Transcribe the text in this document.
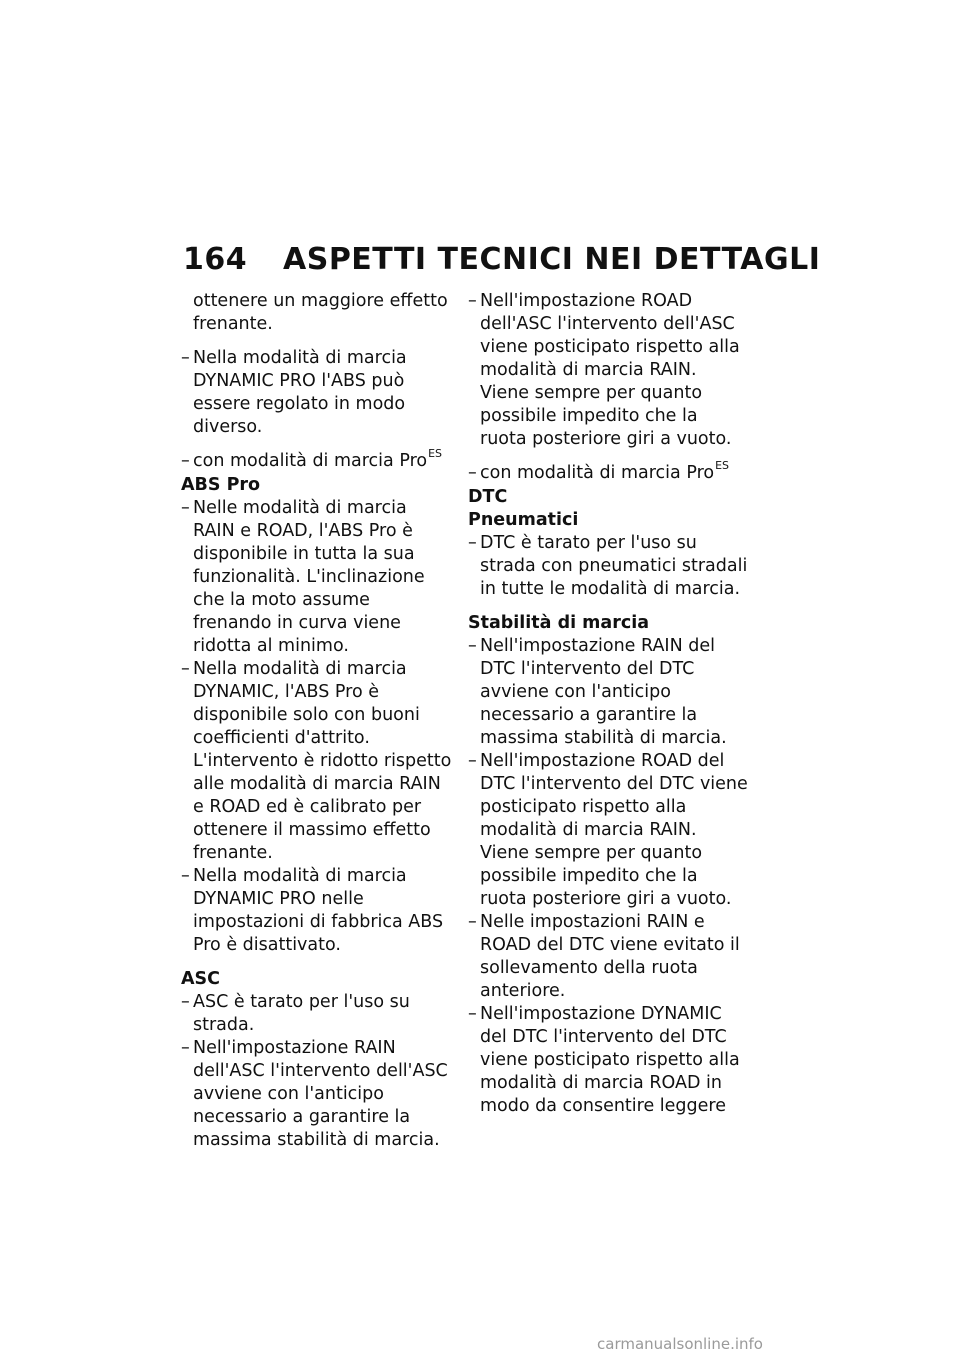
164 ASPETTI TECNICI NEI DETTAGLI
ottenere un maggiore effetto frenante.
– Nella modalità di marcia DYNAMIC PRO l'ABS può essere regolato in modo diverso.
– con modalità di marcia Pro$^{ES}$
ABS Pro
– Nelle modalità di marcia RAIN e ROAD, l'ABS Pro è disponibile in tutta la sua funzionalità. L'inclinazione che la moto assume frenando in curva viene ridotta al minimo.
– Nella modalità di marcia DYNAMIC, l'ABS Pro è disponibile solo con buoni coefficienti d'attrito. L'intervento è ridotto rispetto alle modalità di marcia RAIN e ROAD ed è calibrato per ottenere il massimo effetto frenante.
– Nella modalità di marcia DYNAMIC PRO nelle impostazioni di fabbrica ABS Pro è disattivato.
ASC
– ASC è tarato per l'uso su strada.
– Nell'impostazione RAIN dell'ASC l'intervento dell'ASC avviene con l'anticipo necessario a garantire la massima stabilità di marcia.
– Nell'impostazione ROAD dell'ASC l'intervento dell'ASC viene posticipato rispetto alla modalità di marcia RAIN. Viene sempre per quanto possibile impedito che la ruota posteriore giri a vuoto.
– con modalità di marcia Pro$^{ES}$
DTC
Pneumatici
– DTC è tarato per l'uso su strada con pneumatici stradali in tutte le modalità di marcia.
Stabilità di marcia
– Nell'impostazione RAIN del DTC l'intervento del DTC avviene con l'anticipo necessario a garantire la massima stabilità di marcia.
– Nell'impostazione ROAD del DTC l'intervento del DTC viene posticipato rispetto alla modalità di marcia RAIN. Viene sempre per quanto possibile impedito che la ruota posteriore giri a vuoto.
– Nelle impostazioni RAIN e ROAD del DTC viene evitato il sollevamento della ruota anteriore.
– Nell'impostazione DYNAMIC del DTC l'intervento del DTC viene posticipato rispetto alla modalità di marcia ROAD in modo da consentire leggere
carmanualsonline.info
